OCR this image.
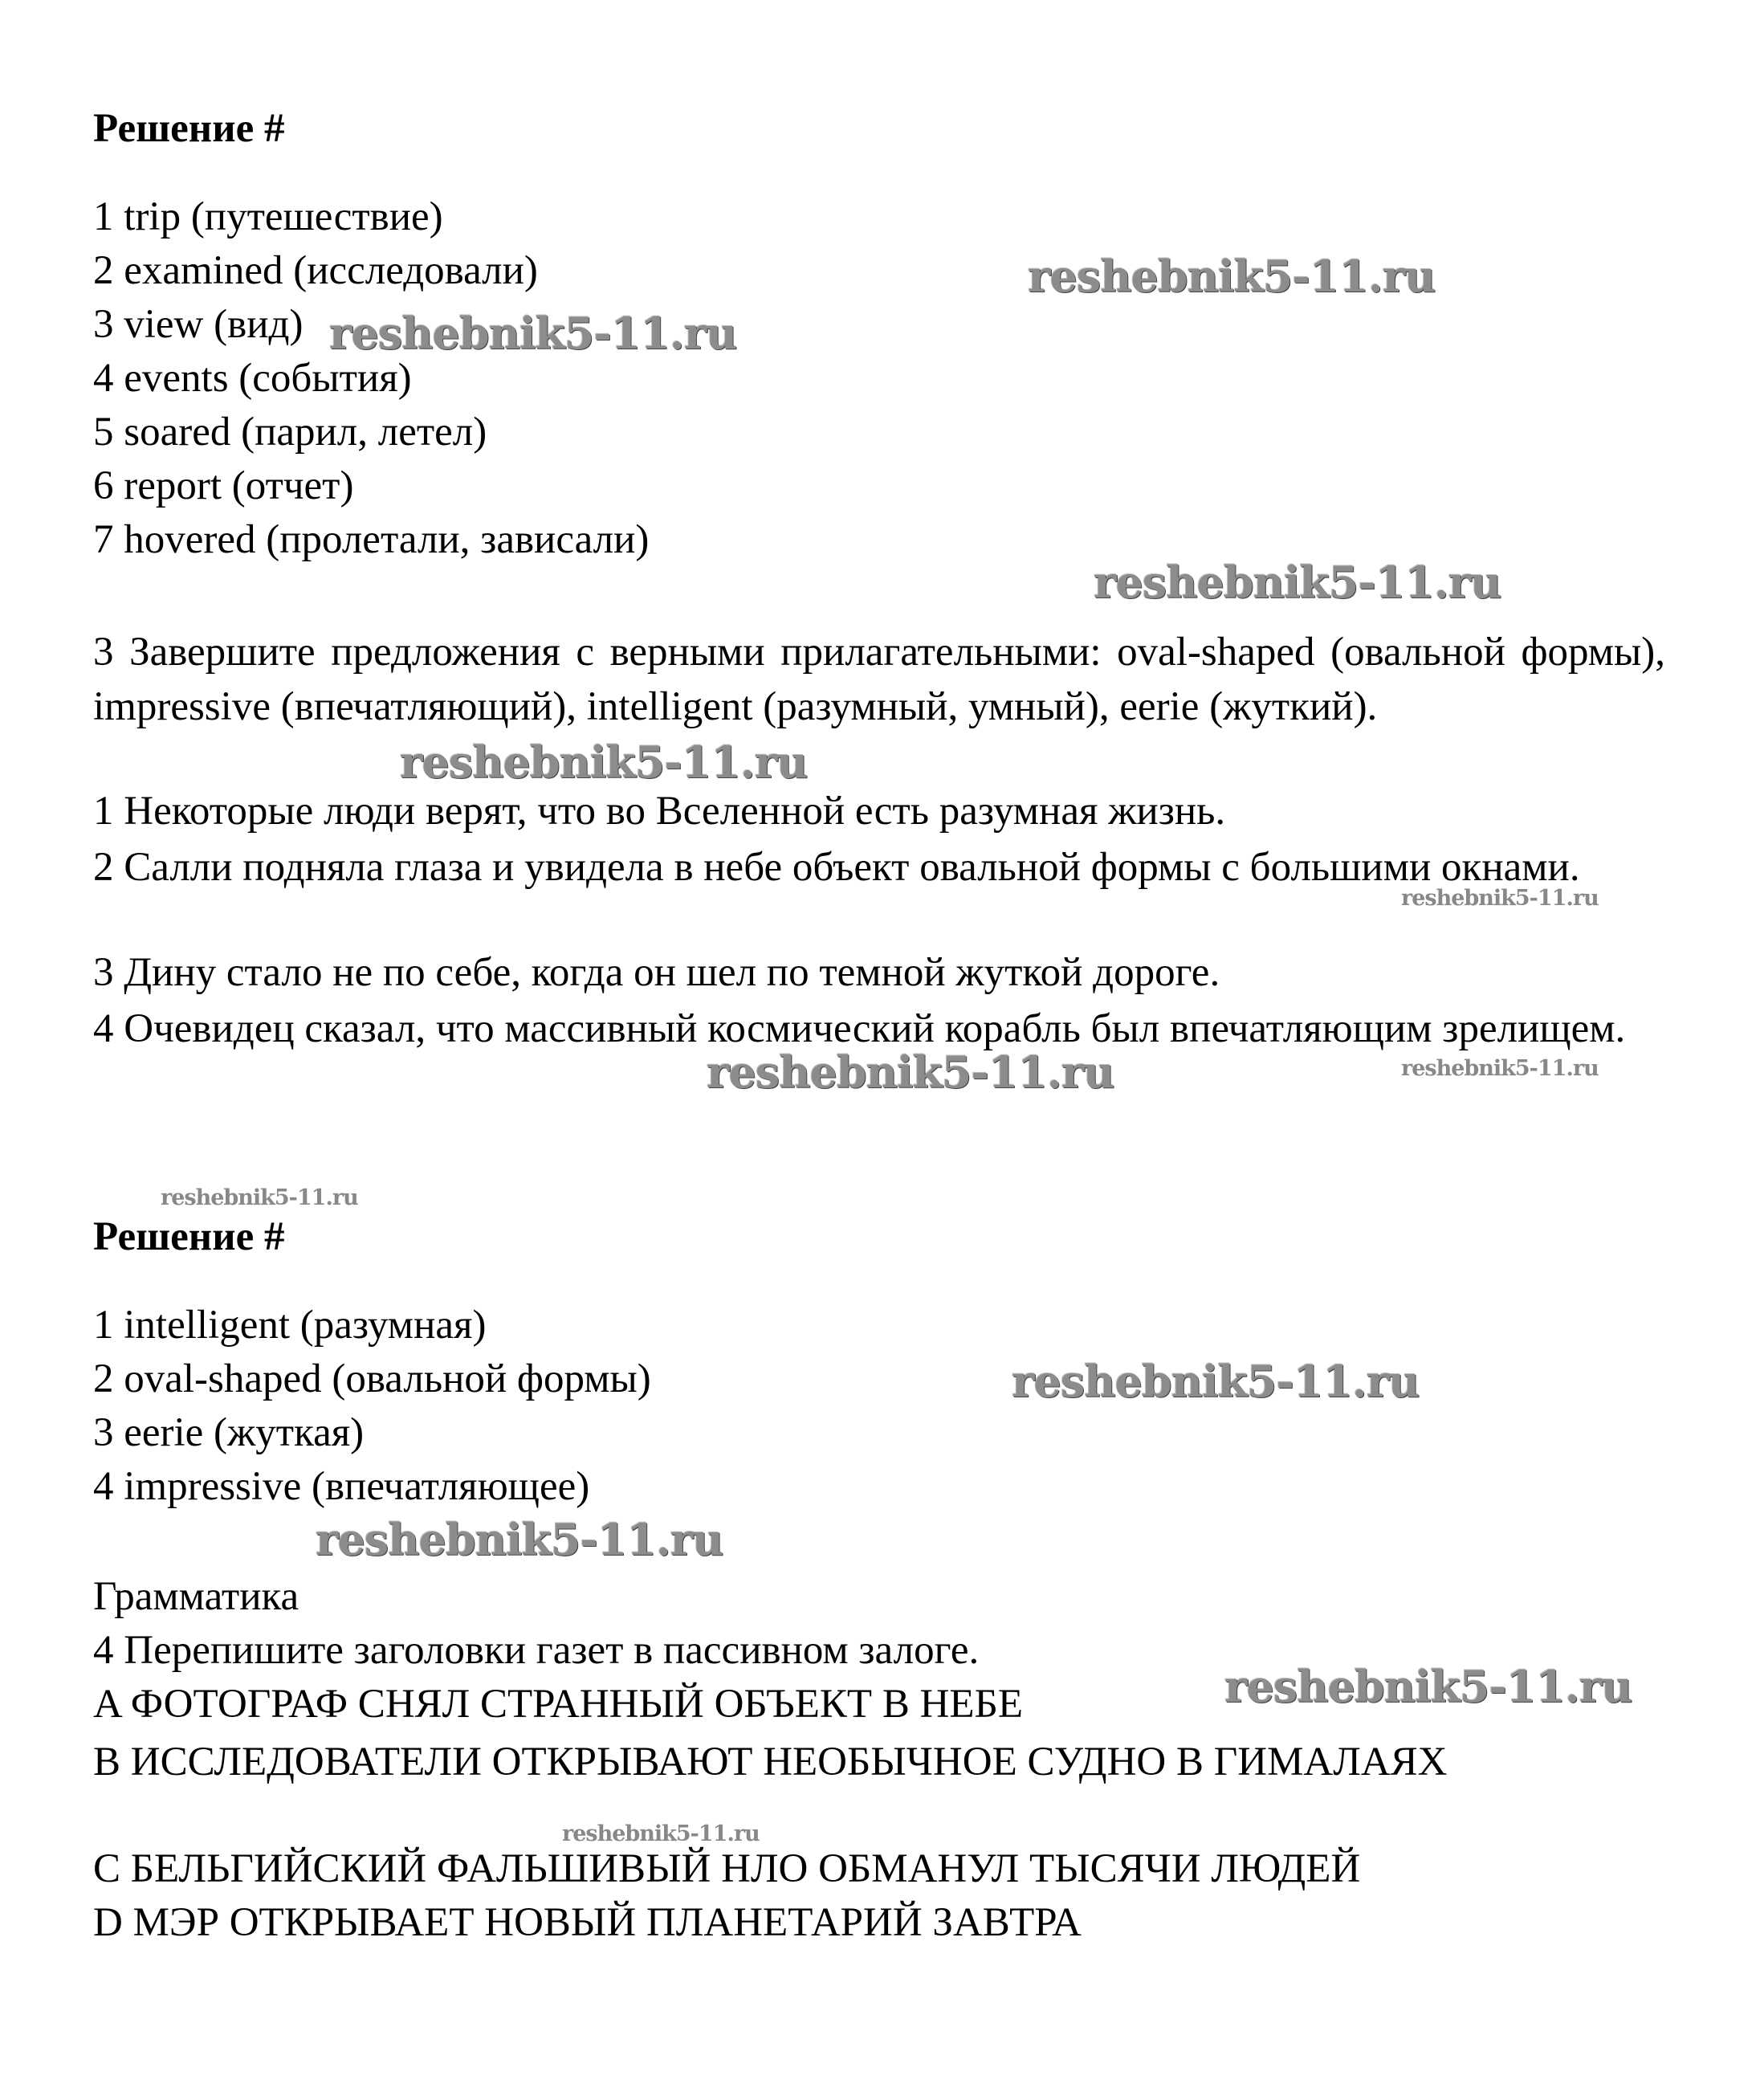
Решение #
1 trip (путешествие)
2 examined (исследовали)
3 view (вид)
4 events (события)
5 soared (парил, летел)
6 report (отчет)
7 hovered (пролетали, зависали)
3 Завершите предложения с верными прилагательными: oval-shaped (овальной формы), impressive (впечатляющий), intelligent (разумный, умный), eerie (жуткий).
1 Некоторые люди верят, что во Вселенной есть разумная жизнь.
2 Салли подняла глаза и увидела в небе объект овальной формы с большими окнами.
3 Дину стало не по себе, когда он шел по темной жуткой дороге.
4 Очевидец сказал, что массивный космический корабль был впечатляющим зрелищем.
Решение #
1 intelligent (разумная)
2 oval-shaped (овальной формы)
3 eerie (жуткая)
4 impressive (впечатляющее)
Грамматика
4 Перепишите заголовки газет в пассивном залоге.
A ФОТОГРАФ СНЯЛ СТРАННЫЙ ОБЪЕКТ В НЕБЕ
B ИССЛЕДОВАТЕЛИ ОТКРЫВАЮТ НЕОБЫЧНОЕ СУДНО В ГИМАЛАЯХ
C БЕЛЬГИЙСКИЙ ФАЛЬШИВЫЙ НЛО ОБМАНУЛ ТЫСЯЧИ ЛЮДЕЙ
D МЭР ОТКРЫВАЕТ НОВЫЙ ПЛАНЕТАРИЙ ЗАВТРА
reshebnik5-11.ru
reshebnik5-11.ru
reshebnik5-11.ru
reshebnik5-11.ru
reshebnik5-11.ru
reshebnik5-11.ru	reshebnik5-11.ru
reshebnik5-11.ru
reshebnik5-11.ru
reshebnik5-11.ru
reshebnik5-11.ru
reshebnik5-11.ru
